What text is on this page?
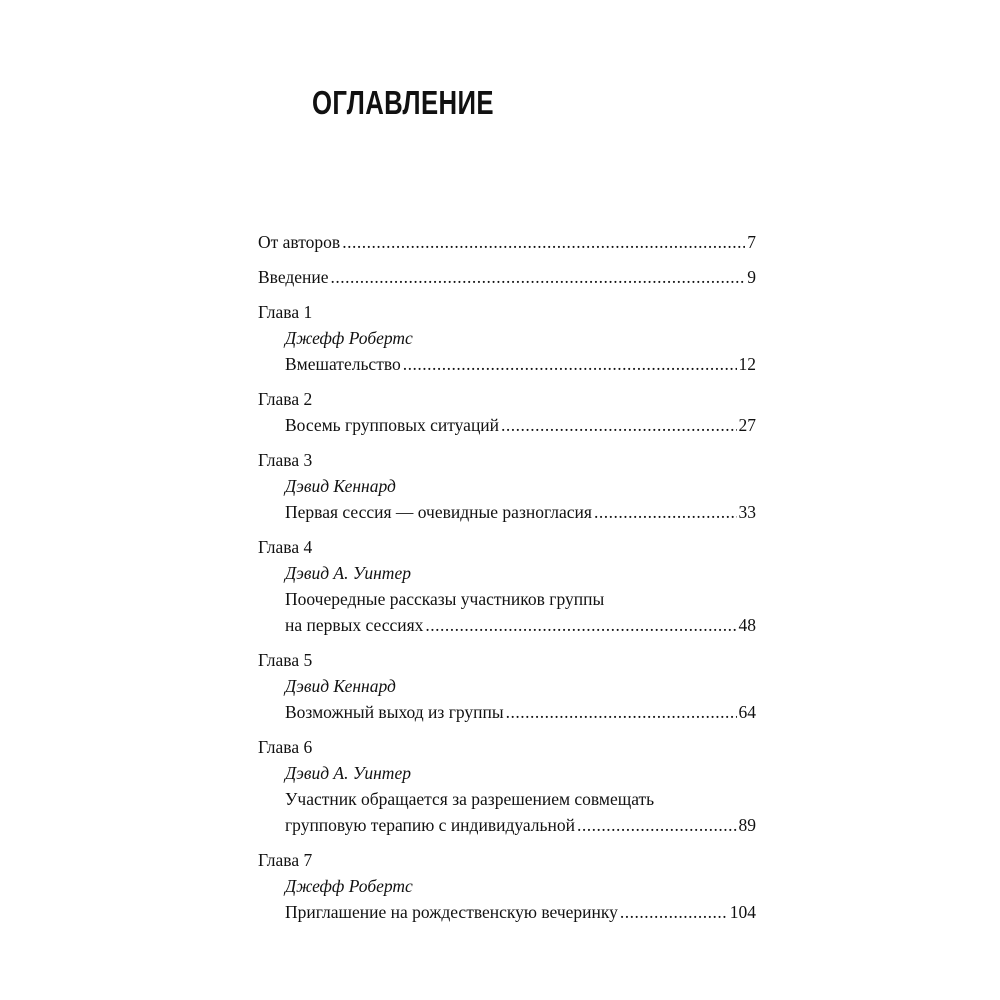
ОГЛАВЛЕНИЕ
От авторов .....	7
Введение .....	9
Глава 1
Джефф Робертс
Вмешательство .....	12
Глава 2
Восемь групповых ситуаций .....	27
Глава 3
Дэвид Кеннард
Первая сессия — очевидные разногласия .....	33
Глава 4
Дэвид А. Уинтер
Поочередные рассказы участников группы
на первых сессиях .....	48
Глава 5
Дэвид Кеннард
Возможный выход из группы .....	64
Глава 6
Дэвид А. Уинтер
Участник обращается за разрешением совмещать
групповую терапию с индивидуальной .....	89
Глава 7
Джефф Робертс
Приглашение на рождественскую вечеринку .....	104
